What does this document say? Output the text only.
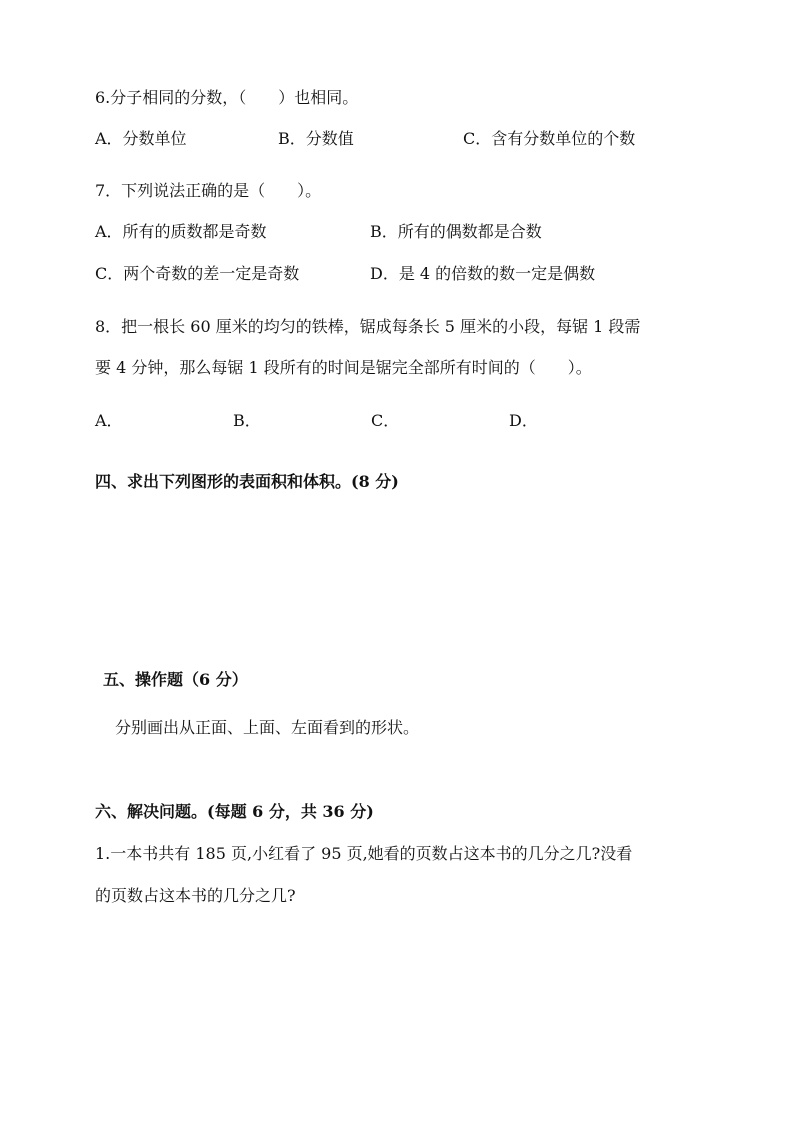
6.分子相同的分数，（　　）也相同。
A．分数单位	B．分数值	C．含有分数单位的个数
7．下列说法正确的是（　　）。
A．所有的质数都是奇数	B．所有的偶数都是合数
C．两个奇数的差一定是奇数	D．是 4 的倍数的数一定是偶数
8．把一根长 60 厘米的均匀的铁棒，锯成每条长 5 厘米的小段，每锯 1 段需
要 4 分钟，那么每锯 1 段所有的时间是锯完全部所有时间的（　　）。
A．	B．	C．	D．
四、求出下列图形的表面积和体积。(8 分)
五、操作题（6 分）
分别画出从正面、上面、左面看到的形状。
六、解决问题。(每题 6 分，共 36 分)
1.一本书共有 185 页,小红看了 95 页,她看的页数占这本书的几分之几?没看
的页数占这本书的几分之几?
